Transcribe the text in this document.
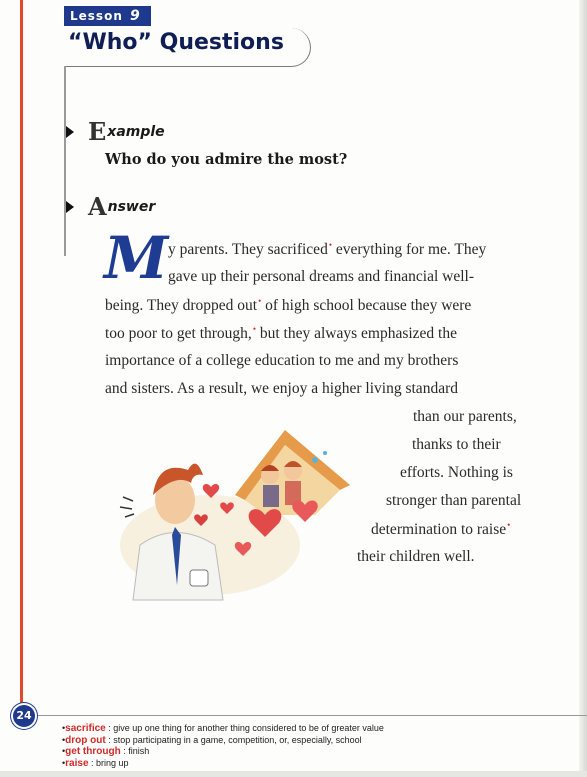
Lesson 9
“Who” Questions
E xample
Who do you admire the most?
A nswer
M y parents. They sacrificed• everything for me. They
gave up their personal dreams and financial well-
being. They dropped out• of high school because they were
too poor to get through,• but they always emphasized the
importance of a college education to me and my brothers
and sisters. As a result, we enjoy a higher living standard
than our parents,
thanks to their
efforts. Nothing is
stronger than parental
determination to raise•
their children well.
24
•sacrifice : give up one thing for another thing considered to be of greater value
•drop out : stop participating in a game, competition, or, especially, school
•get through : finish
•raise : bring up
